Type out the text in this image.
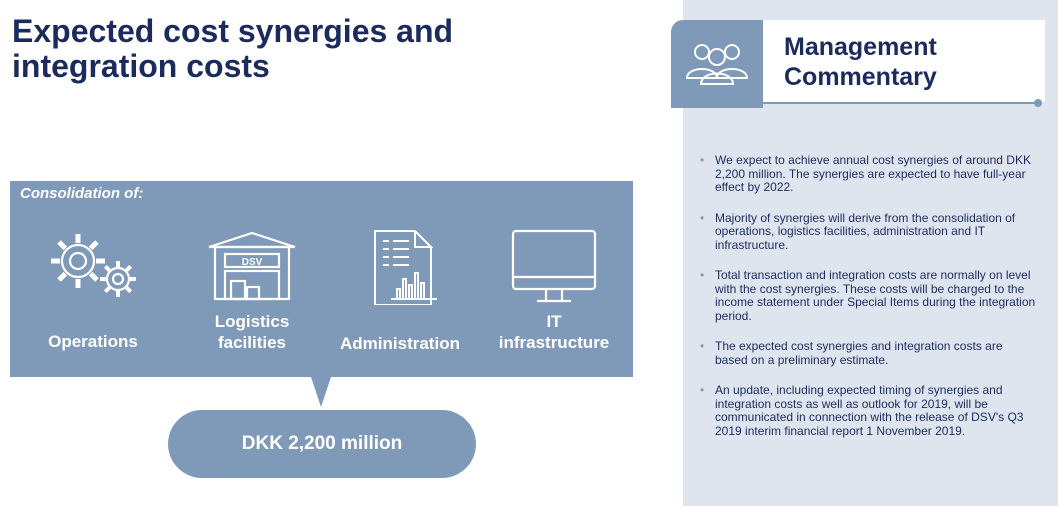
Expected cost synergies and
integration costs
Consolidation of:
Operations
DSV
Logistics
facilities	Administration
IT
infrastructure
DKK 2,200 million
Management
Commentary
• We expect to achieve annual cost synergies of around DKK 2,200 million. The synergies are expected to have full-year effect by 2022.
• Majority of synergies will derive from the consolidation of operations, logistics facilities, administration and IT infrastructure.
• Total transaction and integration costs are normally on level with the cost synergies. These costs will be charged to the income statement under Special Items during the integration period.
• The expected cost synergies and integration costs are based on a preliminary estimate.
• An update, including expected timing of synergies and integration costs as well as outlook for 2019, will be communicated in connection with the release of DSV's Q3 2019 interim financial report 1 November 2019.
